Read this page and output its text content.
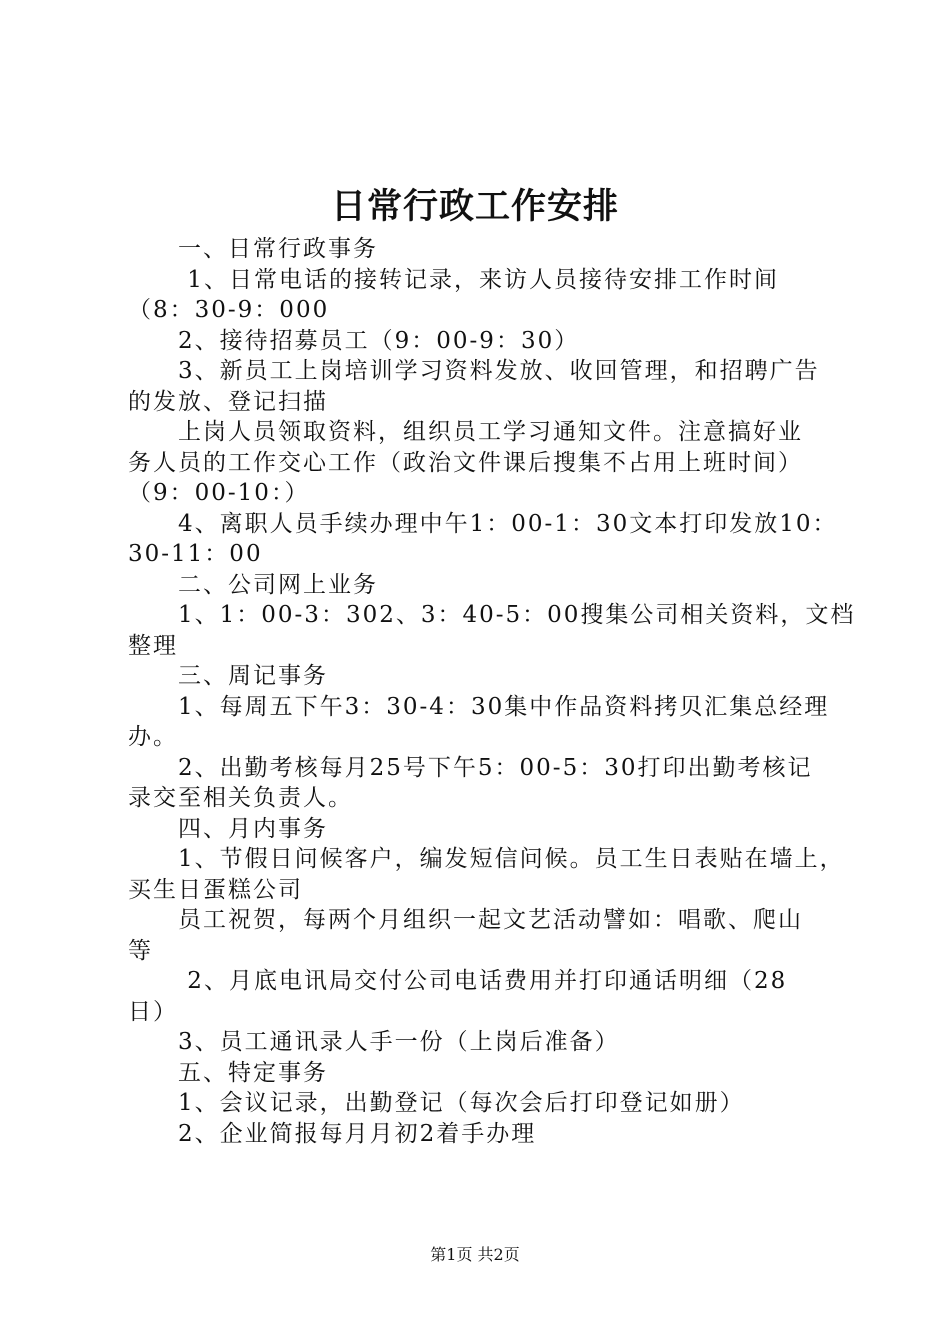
日常行政工作安排
　　一、日常行政事务
　　 1、日常电话的接转记录，来访人员接待安排工作时间
（8：30-9：000
　　2、接待招募员工（9：00-9：30）
　　3、新员工上岗培训学习资料发放、收回管理，和招聘广告
的发放、登记扫描
　　上岗人员领取资料，组织员工学习通知文件。注意搞好业
务人员的工作交心工作（政治文件课后搜集不占用上班时间）
（9：00-10：）
　　4、离职人员手续办理中午1：00-1：30文本打印发放10：
30-11：00
　　二、公司网上业务
　　1、1：00-3：302、3：40-5：00搜集公司相关资料，文档
整理
　　三、周记事务
　　1、每周五下午3：30-4：30集中作品资料拷贝汇集总经理
办。
　　2、出勤考核每月25号下午5：00-5：30打印出勤考核记
录交至相关负责人。
　　四、月内事务
　　1、节假日问候客户，编发短信问候。员工生日表贴在墙上，
买生日蛋糕公司
　　员工祝贺，每两个月组织一起文艺活动譬如：唱歌、爬山
等
　　 2、月底电讯局交付公司电话费用并打印通话明细（28
日）
　　3、员工通讯录人手一份（上岗后准备）
　　五、特定事务
　　1、会议记录，出勤登记（每次会后打印登记如册）
　　2、企业简报每月月初2着手办理
第1页 共2页
